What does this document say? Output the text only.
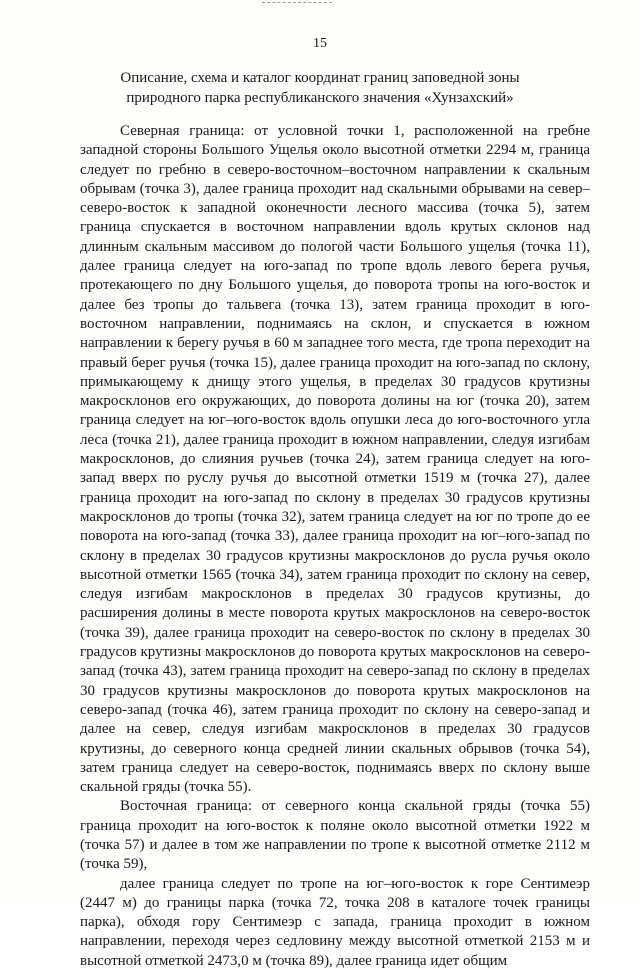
15
Описание, схема и каталог координат границ заповедной зоны
природного парка республиканского значения «Хунзахский»

Северная граница: от условной точки 1, расположенной на гребне западной стороны Большого Ущелья около высотной отметки 2294 м, граница следует по гребню в северо-восточном–восточном направлении к скальным обрывам (точка 3), далее граница проходит над скальными обрывами на север–северо-восток к западной оконечности лесного массива (точка 5), затем граница спускается в восточном направлении вдоль крутых склонов над длинным скальным массивом до пологой части Большого ущелья (точка 11), далее граница следует на юго-запад по тропе вдоль левого берега ручья, протекающего по дну Большого ущелья, до поворота тропы на юго-восток и далее без тропы до тальвега (точка 13), затем граница проходит в юго-восточном направлении, поднимаясь на склон, и спускается в южном направлении к берегу ручья в 60 м западнее того места, где тропа переходит на правый берег ручья (точка 15), далее граница проходит на юго-запад по склону, примыкающему к днищу этого ущелья, в пределах 30 градусов крутизны макросклонов его окружающих, до поворота долины на юг (точка 20), затем граница следует на юг–юго-восток вдоль опушки леса до юго-восточного угла леса (точка 21), далее граница проходит в южном направлении, следуя изгибам макросклонов, до слияния ручьев (точка 24), затем граница следует на юго-запад вверх по руслу ручья до высотной отметки 1519 м (точка 27), далее граница проходит на юго-запад по склону в пределах 30 градусов крутизны макросклонов до тропы (точка 32), затем граница следует на юг по тропе до ее поворота на юго-запад (точка 33), далее граница проходит на юг–юго-запад по склону в пределах 30 градусов крутизны макросклонов до русла ручья около высотной отметки 1565 (точка 34), затем граница проходит по склону на север, следуя изгибам макросклонов в пределах 30 градусов крутизны, до расширения долины в месте поворота крутых макросклонов на северо-восток (точка 39), далее граница проходит на северо-восток по склону в пределах 30 градусов крутизны макросклонов до поворота крутых макросклонов на северо-запад (точка 43), затем граница проходит на северо-запад по склону в пределах 30 градусов крутизны макросклонов до поворота крутых макросклонов на северо-запад (точка 46), затем граница проходит по склону на северо-запад и далее на север, следуя изгибам макросклонов в пределах 30 градусов крутизны, до северного конца средней линии скальных обрывов (точка 54), затем граница следует на северо-восток, поднимаясь вверх по склону выше скальной гряды (точка 55).

Восточная граница: от северного конца скальной гряды (точка 55) граница проходит на юго-восток к поляне около высотной отметки 1922 м (точка 57) и далее в том же направлении по тропе к высотной отметке 2112 м (точка 59),

далее граница следует по тропе на юг–юго-восток к горе Сентимеэр (2447 м) до границы парка (точка 72, точка 208 в каталоге точек границы парка), обходя гору Сентимеэр с запада, граница проходит в южном направлении, переходя через седловину между высотной отметкой 2153 м и высотной отметкой 2473,0 м (точка 89), далее граница идет общим
